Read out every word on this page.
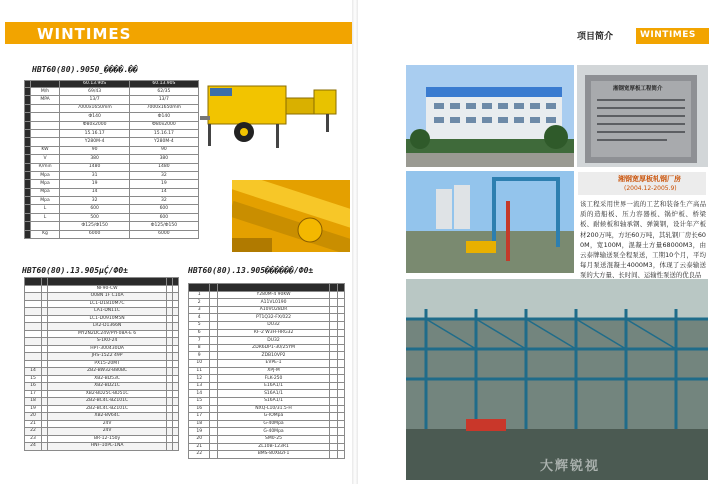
WINTIMES
HBT60(80).9050̤����.��
		60.13.90S	60.13.90S
	M/h	69/43	62/35
	MPA	13/7	13/7
		7000x1650mm	7000x1650mm
		Ф140	Ф140
		Ф80x2000	Ф80x2000
		15.16.17	15.16.17
		Y280M-4	Y280M-4
	KW	90	90
	V	380	380
	R/min	1480	1480
	Mpa	31	32
	Mpa	19	19
	Mpa	14	14
	Mpa	32	32
	L	600	600
	L	500	600
		Ф125/Ф150	Ф125/Ф150
	Kg	6000	6000
HBT60(80).13.905µḈ/Ф0±

		NF90-CW		
		O08N 1F C10A		
		LC1-D1810M7C		
		LA1-DN11C		
		LC1-D0910M5N		
		LR2-D1366N		
		MY2N2DC24V/PYF08A-E 6		
		S-1K0-24		
		HPT-300430DA		
		JHS-15Z2 49P		
		PX15-20MT		
14		ZB2-BW32-B80BC		
15		XB2-BD53C		
16		XB2-BD21C		
17		XB2-BD25C-BD51C		
18		ZB2-BC4C-BZ101C		
19		ZB2-BC4C-BZ101C		
20		XB2-BV64C		
21		24V		
22		24V		
23		BR-12-150y		
24		HNF-10PL-1NA		
HBT60(80).13.905������/Ф0±

1		Y280M-4 90KW		
2		A11VL0190		
3		A10VO28DR		
4		PT1Q32-FX/022		
5		DU32		
6		RF-2 W3H-HRG32		
7		DU32		
8		ZDR6DP1-30/25YM		
9		ZDB10VP2		
10		EVPE-1		
11		XPJ-M		
12		FLK-250		
13		E16A1/1		
14		S16A1/1		
15		S16A1/1		
16		NXQ-L10/31.5-H		
17		G-IOMpa		
18		G-40Mpa		
19		G-40Mpa		
20		SM0-25		
21		ZL10B-123R1		
22		BMS-80XB2F1		
项目简介	WINTIMES
湘钢宽厚板工程简介
湘钢宽厚板轧钢厂房
(2004.12-2005.9)

该工程采用世界一流的工艺和装备生产高品质的造船板、压力容器板、锅炉板、桥梁板、耐候板和轴承钢、弹簧钢，设计年产板材200万吨，方坯60万吨，其轧钢厂房长600M，宽100M，混凝土方量68000M3，由云泰牌输送泵全程泵送，工期10个月，平均每月泵送混凝土4000M3，体现了云泰输送泵的大方量、长时间、运输性泵送的优良品

大辉锐视
